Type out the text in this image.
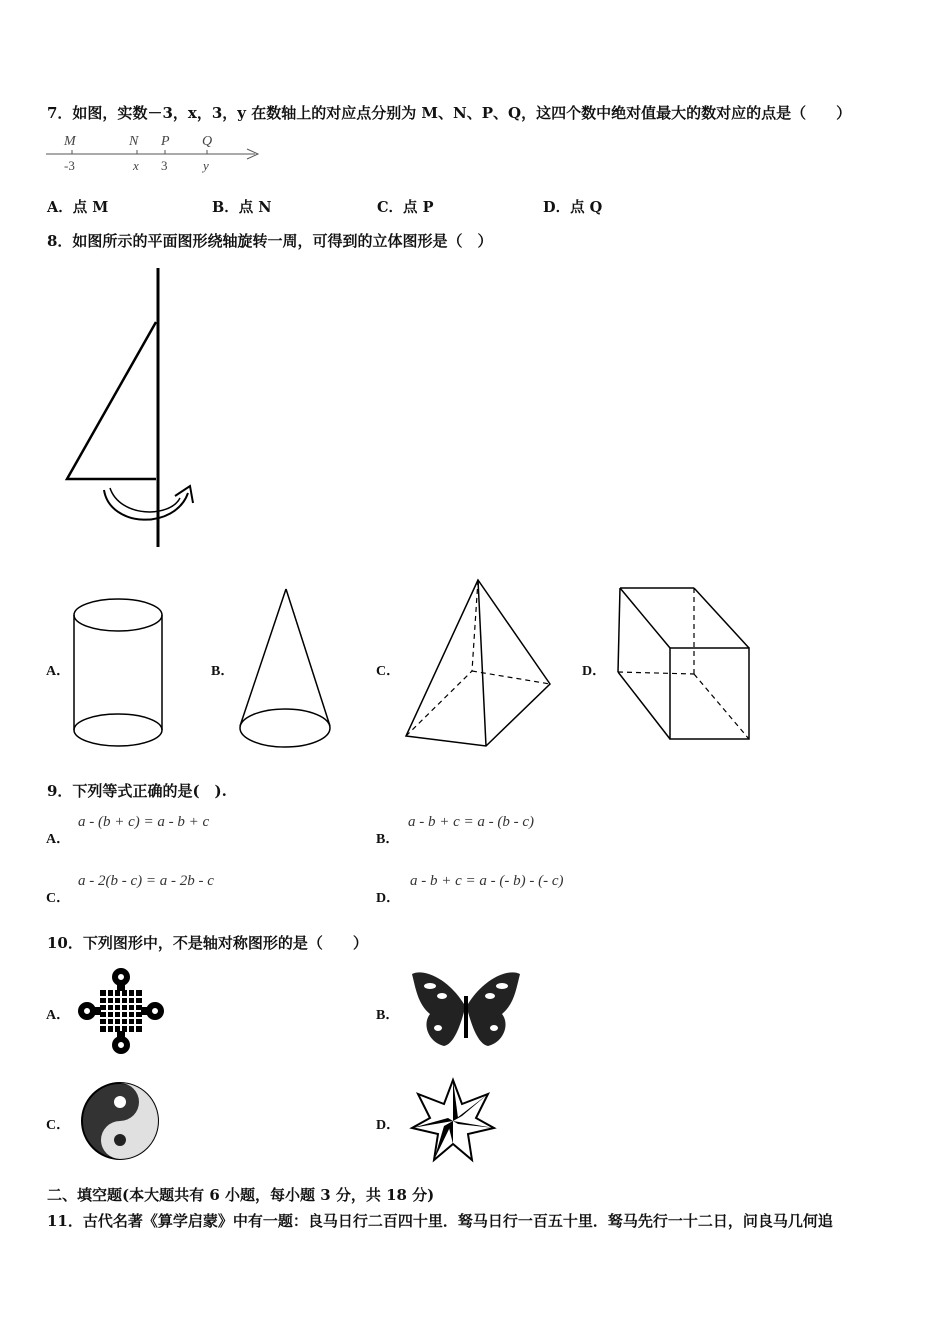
7．如图，实数－3，x，3，y 在数轴上的对应点分别为 M、N、P、Q，这四个数中绝对值最大的数对应的点是（　　）
M	N P Q
-3	x 3	y
A．点 M	B．点 N	C．点 P	D．点 Q
8．如图所示的平面图形绕轴旋转一周，可得到的立体图形是（　）
A．	B．	C．	D．
9．下列等式正确的是(　).
A．
a - (b + c) = a - b + c
B．
a - b + c = a - (b - c)
C．
a - 2(b - c) = a - 2b - c
D．
a - b + c = a - (- b) - (- c)
10．下列图形中，不是轴对称图形的是（　　）
A．	B．
C．	D．
二、填空题(本大题共有 6 小题，每小题 3 分，共 18 分)
11．古代名著《算学启蒙》中有一题：良马日行二百四十里．驽马日行一百五十里．驽马先行一十二日，问良马几何追
